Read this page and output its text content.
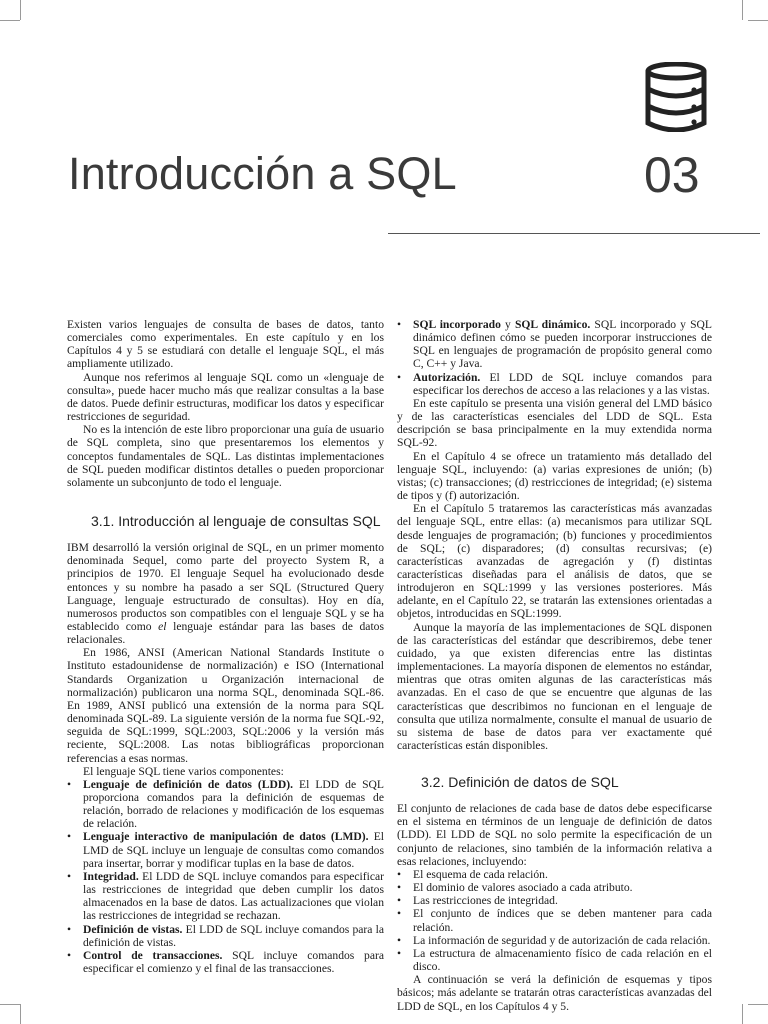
Introducción a SQL	03

Existen varios lenguajes de consulta de bases de datos, tanto comerciales como experimentales. En este capítulo y en los Capítulos 4 y 5 se estudiará con detalle el lenguaje SQL, el más ampliamente utilizado.

Aunque nos referimos al lenguaje SQL como un «lenguaje de consulta», puede hacer mucho más que realizar consultas a la base de datos. Puede definir estructuras, modificar los datos y especificar restricciones de seguridad.

No es la intención de este libro proporcionar una guía de usuario de SQL completa, sino que presentaremos los elementos y conceptos fundamentales de SQL. Las distintas implementaciones de SQL pueden modificar distintos detalles o pueden proporcionar solamente un subconjunto de todo el lenguaje.

3.1. Introducción al lenguaje de consultas SQL

IBM desarrolló la versión original de SQL, en un primer momento denominada Sequel, como parte del proyecto System R, a principios de 1970. El lenguaje Sequel ha evolucionado desde entonces y su nombre ha pasado a ser SQL (Structured Query Language, lenguaje estructurado de consultas). Hoy en día, numerosos productos son compatibles con el lenguaje SQL y se ha establecido como el lenguaje estándar para las bases de datos relacionales.

En 1986, ANSI (American National Standards Institute o Instituto estadounidense de normalización) e ISO (International Standards Organization u Organización internacional de normalización) publicaron una norma SQL, denominada SQL-86. En 1989, ANSI publicó una extensión de la norma para SQL denominada SQL-89. La siguiente versión de la norma fue SQL-92, seguida de SQL:1999, SQL:2003, SQL:2006 y la versión más reciente, SQL:2008. Las notas bibliográficas proporcionan referencias a esas normas.

El lenguaje SQL tiene varios componentes:

• Lenguaje de definición de datos (LDD). El LDD de SQL proporciona comandos para la definición de esquemas de relación, borrado de relaciones y modificación de los esquemas de relación.
• Lenguaje interactivo de manipulación de datos (LMD). El LMD de SQL incluye un lenguaje de consultas como comandos para insertar, borrar y modificar tuplas en la base de datos.
• Integridad. El LDD de SQL incluye comandos para especificar las restricciones de integridad que deben cumplir los datos almacenados en la base de datos. Las actualizaciones que violan las restricciones de integridad se rechazan.
• Definición de vistas. El LDD de SQL incluye comandos para la definición de vistas.
• Control de transacciones. SQL incluye comandos para especificar el comienzo y el final de las transacciones.
• SQL incorporado y SQL dinámico. SQL incorporado y SQL dinámico definen cómo se pueden incorporar instrucciones de SQL en lenguajes de programación de propósito general como C, C++ y Java.
• Autorización. El LDD de SQL incluye comandos para especificar los derechos de acceso a las relaciones y a las vistas.

En este capítulo se presenta una visión general del LMD básico y de las características esenciales del LDD de SQL. Esta descripción se basa principalmente en la muy extendida norma SQL-92.

En el Capítulo 4 se ofrece un tratamiento más detallado del lenguaje SQL, incluyendo: (a) varias expresiones de unión; (b) vistas; (c) transacciones; (d) restricciones de integridad; (e) sistema de tipos y (f) autorización.

En el Capítulo 5 trataremos las características más avanzadas del lenguaje SQL, entre ellas: (a) mecanismos para utilizar SQL desde lenguajes de programación; (b) funciones y procedimientos de SQL; (c) disparadores; (d) consultas recursivas; (e) características avanzadas de agregación y (f) distintas características diseñadas para el análisis de datos, que se introdujeron en SQL:1999 y las versiones posteriores. Más adelante, en el Capítulo 22, se tratarán las extensiones orientadas a objetos, introducidas en SQL:1999.

Aunque la mayoría de las implementaciones de SQL disponen de las características del estándar que describiremos, debe tener cuidado, ya que existen diferencias entre las distintas implementaciones. La mayoría disponen de elementos no estándar, mientras que otras omiten algunas de las características más avanzadas. En el caso de que se encuentre que algunas de las características que describimos no funcionan en el lenguaje de consulta que utiliza normalmente, consulte el manual de usuario de su sistema de base de datos para ver exactamente qué características están disponibles.

3.2. Definición de datos de SQL

El conjunto de relaciones de cada base de datos debe especificarse en el sistema en términos de un lenguaje de definición de datos (LDD). El LDD de SQL no solo permite la especificación de un conjunto de relaciones, sino también de la información relativa a esas relaciones, incluyendo:

• El esquema de cada relación.
• El dominio de valores asociado a cada atributo.
• Las restricciones de integridad.
• El conjunto de índices que se deben mantener para cada relación.
• La información de seguridad y de autorización de cada relación.
• La estructura de almacenamiento físico de cada relación en el disco.

A continuación se verá la definición de esquemas y tipos básicos; más adelante se tratarán otras características avanzadas del LDD de SQL, en los Capítulos 4 y 5.
